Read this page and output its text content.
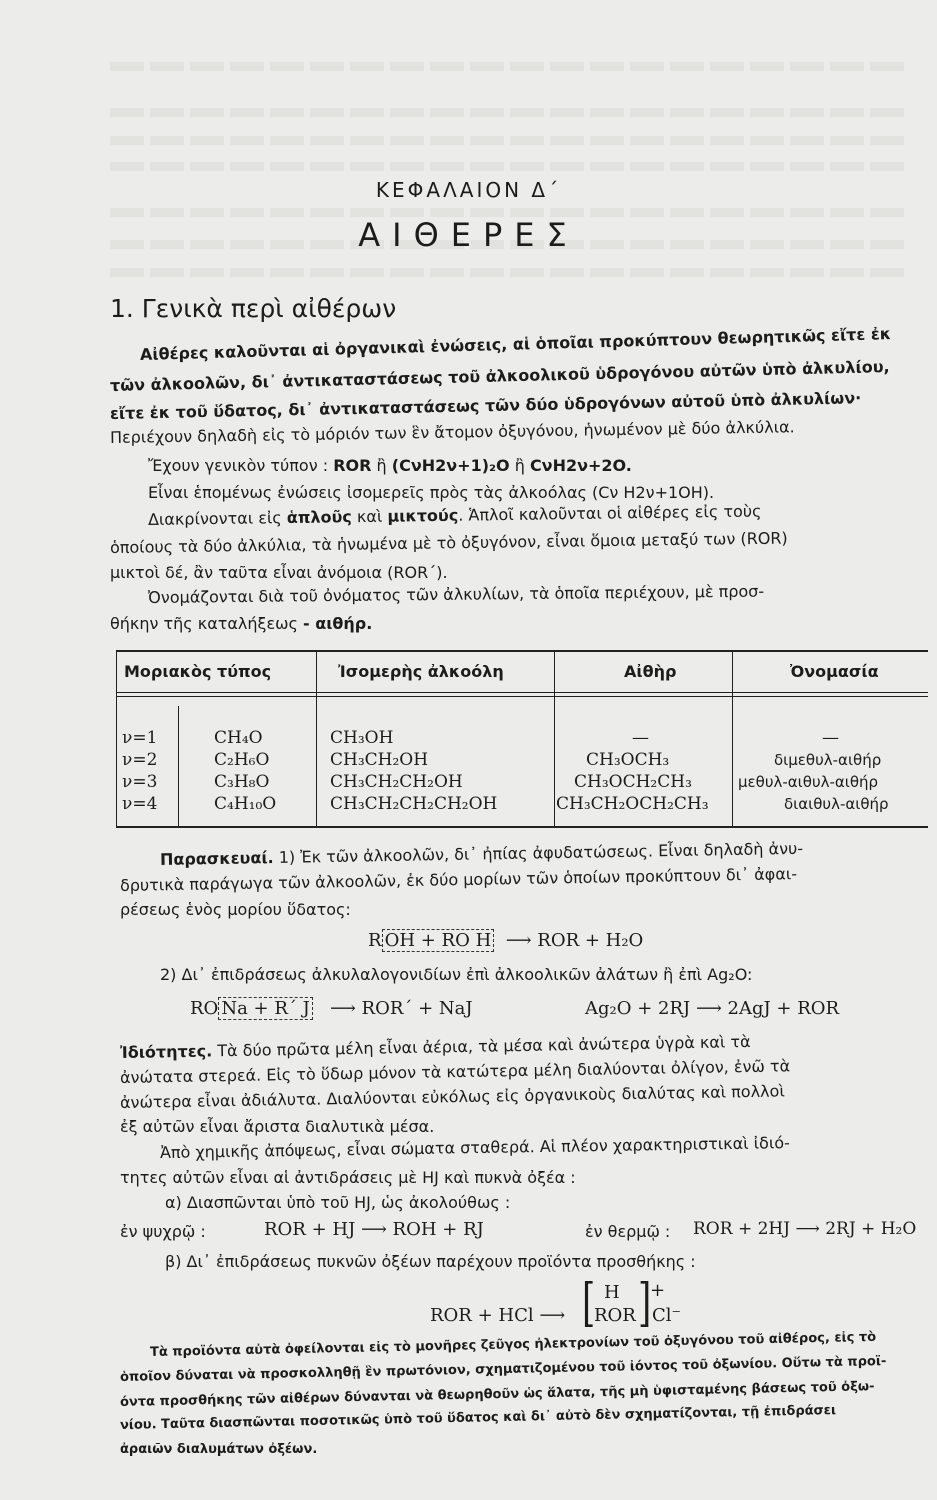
ΚΕΦΑΛΑΙΟΝ Δ΄
ΑΙΘΕΡΕΣ
1. Γενικὰ περὶ αἰθέρων
Αἰθέρες καλοῦνται αἱ ὀργανικαὶ ἐνώσεις, αἱ ὁποῖαι προκύπτουν θεωρητικῶς εἴτε ἐκ
τῶν ἀλκοολῶν, δι᾽ ἀντικαταστάσεως τοῦ ἀλκοολικοῦ ὑδρογόνου αὐτῶν ὑπὸ ἀλκυλίου,
εἴτε ἐκ τοῦ ὕδατος, δι᾽ ἀντικαταστάσεως τῶν δύο ὑδρογόνων αὐτοῦ ὑπὸ ἀλκυλίων·
Περιέχουν δηλαδὴ εἰς τὸ μόριόν των ἓν ἄτομον ὀξυγόνου, ἡνωμένον μὲ δύο ἀλκύλια.
Ἔχουν γενικὸν τύπον : ROR ἢ (CνH2ν+1)₂O ἢ CνH2ν+2O.
Εἶναι ἑπομένως ἐνώσεις ἰσομερεῖς πρὸς τὰς ἀλκοόλας (Cν H2ν+1OH).
Διακρίνονται εἰς ἁπλοῦς καὶ μικτούς. Ἁπλοῖ καλοῦνται οἱ αἰθέρες εἰς τοὺς
ὁποίους τὰ δύο ἀλκύλια, τὰ ἡνωμένα μὲ τὸ ὀξυγόνον, εἶναι ὅμοια μεταξύ των (ROR)
μικτοὶ δέ, ἂν ταῦτα εἶναι ἀνόμοια (ROR΄).
Ὀνομάζονται διὰ τοῦ ὀνόματος τῶν ἀλκυλίων, τὰ ὁποῖα περιέχουν, μὲ προσ-
θήκην τῆς καταλήξεως - αιθήρ.
Μοριακὸς τύπος	Ἰσομερὴς ἀλκοόλη	Αἰθὴρ	Ὀνομασία
ν=1	CH₄O	CH₃OH	—	—
ν=2	C₂H₆O	CH₃CH₂OH	CH₃OCH₃	διμεθυλ-αιθήρ
ν=3	C₃H₈O	CH₃CH₂CH₂OH	CH₃OCH₂CH₃	μεθυλ-αιθυλ-αιθήρ
ν=4	C₄H₁₀O	CH₃CH₂CH₂CH₂OH	CH₃CH₂OCH₂CH₃	διαιθυλ-αιθήρ
Παρασκευαί. 1) Ἐκ τῶν ἀλκοολῶν, δι᾽ ἠπίας ἀφυδατώσεως. Εἶναι δηλαδὴ ἀνυ-
δρυτικὰ παράγωγα τῶν ἀλκοολῶν, ἐκ δύο μορίων τῶν ὁποίων προκύπτουν δι᾽ ἀφαι-
ρέσεως ἑνὸς μορίου ὕδατος:
R OH + RO H ⟶ ROR + H₂O
2) Δι᾽ ἐπιδράσεως ἀλκυλαλογονιδίων ἐπὶ ἀλκοολικῶν ἀλάτων ἢ ἐπὶ Ag₂O:
RO Na + R΄ J ⟶ ROR΄ + NaJ	Ag₂O + 2RJ ⟶ 2AgJ + ROR
Ἰδιότητες. Τὰ δύο πρῶτα μέλη εἶναι ἀέρια, τὰ μέσα καὶ ἀνώτερα ὑγρὰ καὶ τὰ
ἀνώτατα στερεά. Εἰς τὸ ὕδωρ μόνον τὰ κατώτερα μέλη διαλύονται ὀλίγον, ἐνῶ τὰ
ἀνώτερα εἶναι ἀδιάλυτα. Διαλύονται εὐκόλως εἰς ὀργανικοὺς διαλύτας καὶ πολλοὶ
ἐξ αὐτῶν εἶναι ἄριστα διαλυτικὰ μέσα.
Ἀπὸ χημικῆς ἀπόψεως, εἶναι σώματα σταθερά. Αἱ πλέον χαρακτηριστικαὶ ἰδιό-
τητες αὐτῶν εἶναι αἱ ἀντιδράσεις μὲ HJ καὶ πυκνὰ ὀξέα :
α) Διασπῶνται ὑπὸ τοῦ HJ, ὡς ἀκολούθως :
ἐν ψυχρῷ :	ROR + HJ ⟶ ROH + RJ	ἐν θερμῷ : ROR + 2HJ ⟶ 2RJ + H₂O
β) Δι᾽ ἐπιδράσεως πυκνῶν ὀξέων παρέχουν προϊόντα προσθήκης :
ROR + HCl ⟶ [ H
ROR ]
+
Cl⁻
Τὰ προϊόντα αὐτὰ ὀφείλονται εἰς τὸ μονῆρες ζεῦγος ἠλεκτρονίων τοῦ ὀξυγόνου τοῦ αἰθέρος, εἰς τὸ
ὁποῖον δύναται νὰ προσκολληθῇ ἓν πρωτόνιον, σχηματιζομένου τοῦ ἰόντος τοῦ ὀξωνίου. Οὕτω τὰ προϊ-
όντα προσθήκης τῶν αἰθέρων δύνανται νὰ θεωρηθοῦν ὡς ἅλατα, τῆς μὴ ὑφισταμένης βάσεως τοῦ ὀξω-
νίου. Ταῦτα διασπῶνται ποσοτικῶς ὑπὸ τοῦ ὕδατος καὶ δι᾽ αὐτὸ δὲν σχηματίζονται, τῇ ἐπιδράσει
ἀραιῶν διαλυμάτων ὀξέων.
